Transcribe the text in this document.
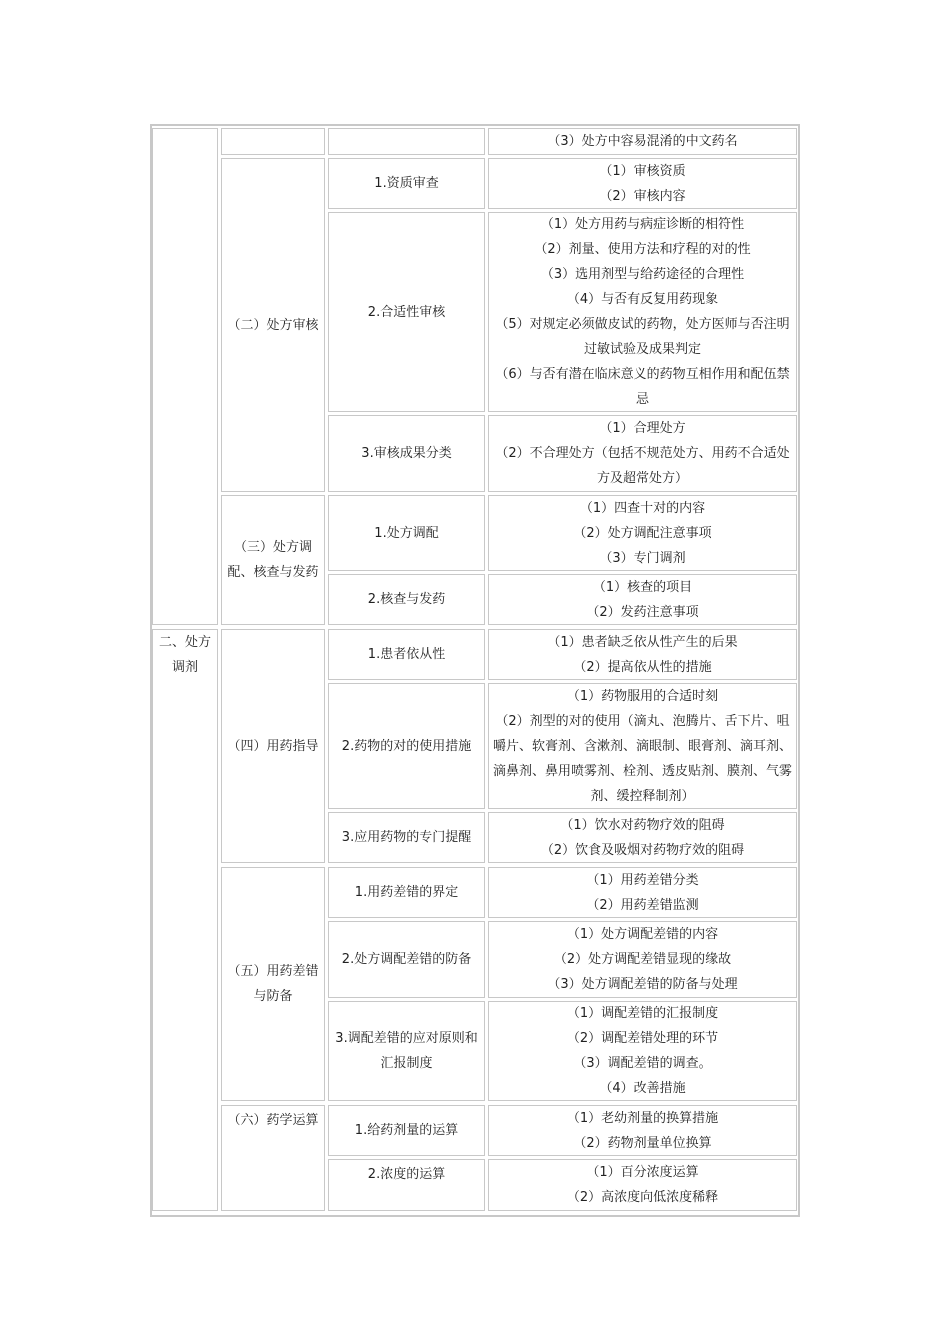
二、处方调剂
（二）处方审核
（三）处方调配、核查与发药
（四）用药指导
（五）用药差错与防备
（六）药学运算
（3）处方中容易混淆的中文药名
1.资质审查
（1）审核资质
（2）审核内容
2.合适性审核
（1）处方用药与病症诊断的相符性
（2）剂量、使用方法和疗程的对的性
（3）选用剂型与给药途径的合理性
（4）与否有反复用药现象
（5）对规定必须做皮试的药物，处方医师与否注明过敏试验及成果判定
（6）与否有潜在临床意义的药物互相作用和配伍禁忌
3.审核成果分类
（1）合理处方
（2）不合理处方（包括不规范处方、用药不合适处方及超常处方）
1.处方调配
（1）四查十对的内容
（2）处方调配注意事项
（3）专门调剂
2.核查与发药
（1）核查的项目
（2）发药注意事项
1.患者依从性
（1）患者缺乏依从性产生的后果
（2）提高依从性的措施
2.药物的对的使用措施
（1）药物服用的合适时刻
（2）剂型的对的使用（滴丸、泡腾片、舌下片、咀嚼片、软膏剂、含漱剂、滴眼制、眼膏剂、滴耳剂、滴鼻剂、鼻用喷雾剂、栓剂、透皮贴剂、膜剂、气雾剂、缓控释制剂）
3.应用药物的专门提醒
（1）饮水对药物疗效的阻碍
（2）饮食及吸烟对药物疗效的阻碍
1.用药差错的界定
（1）用药差错分类
（2）用药差错监测
2.处方调配差错的防备
（1）处方调配差错的内容
（2）处方调配差错显现的缘故
（3）处方调配差错的防备与处理
3.调配差错的应对原则和汇报制度
（1）调配差错的汇报制度
（2）调配差错处理的环节
（3）调配差错的调查。
（4）改善措施
1.给药剂量的运算
（1）老幼剂量的换算措施
（2）药物剂量单位换算
2.浓度的运算	（1）百分浓度运算
（2）高浓度向低浓度稀释
